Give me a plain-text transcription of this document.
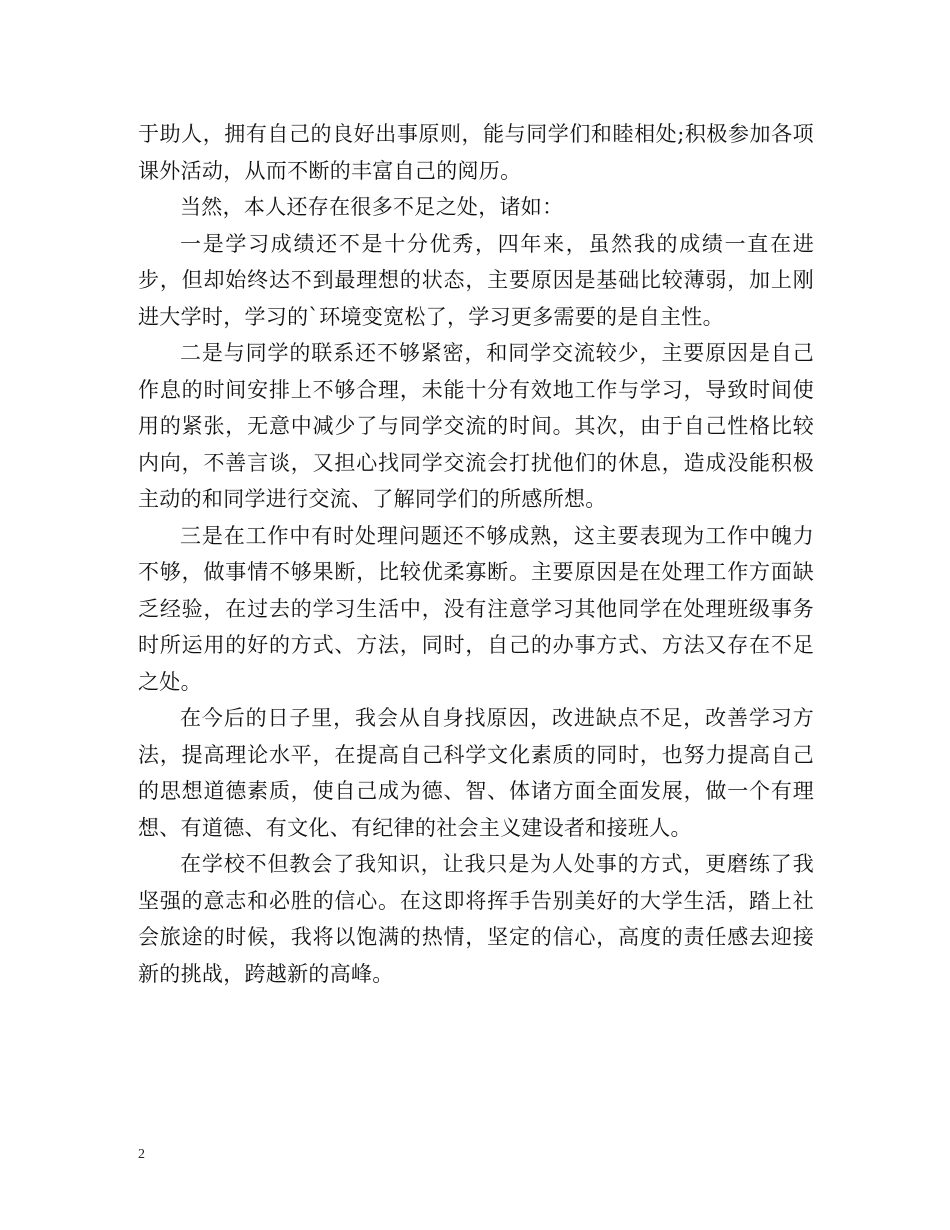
于助人，拥有自己的良好出事原则，能与同学们和睦相处;积极参加各项课外活动，从而不断的丰富自己的阅历。

当然，本人还存在很多不足之处，诸如：

一是学习成绩还不是十分优秀，四年来，虽然我的成绩一直在进步，但却始终达不到最理想的状态，主要原因是基础比较薄弱，加上刚进大学时，学习的`环境变宽松了，学习更多需要的是自主性。

二是与同学的联系还不够紧密，和同学交流较少，主要原因是自己作息的时间安排上不够合理，未能十分有效地工作与学习，导致时间使用的紧张，无意中减少了与同学交流的时间。其次，由于自己性格比较内向，不善言谈，又担心找同学交流会打扰他们的休息，造成没能积极主动的和同学进行交流、了解同学们的所感所想。

三是在工作中有时处理问题还不够成熟，这主要表现为工作中魄力不够，做事情不够果断，比较优柔寡断。主要原因是在处理工作方面缺乏经验，在过去的学习生活中，没有注意学习其他同学在处理班级事务时所运用的好的方式、方法，同时，自己的办事方式、方法又存在不足之处。

在今后的日子里，我会从自身找原因，改进缺点不足，改善学习方法，提高理论水平，在提高自己科学文化素质的同时，也努力提高自己的思想道德素质，使自己成为德、智、体诸方面全面发展，做一个有理想、有道德、有文化、有纪律的社会主义建设者和接班人。

在学校不但教会了我知识，让我只是为人处事的方式，更磨练了我坚强的意志和必胜的信心。在这即将挥手告别美好的大学生活，踏上社会旅途的时候，我将以饱满的热情，坚定的信心，高度的责任感去迎接新的挑战，跨越新的高峰。

2
